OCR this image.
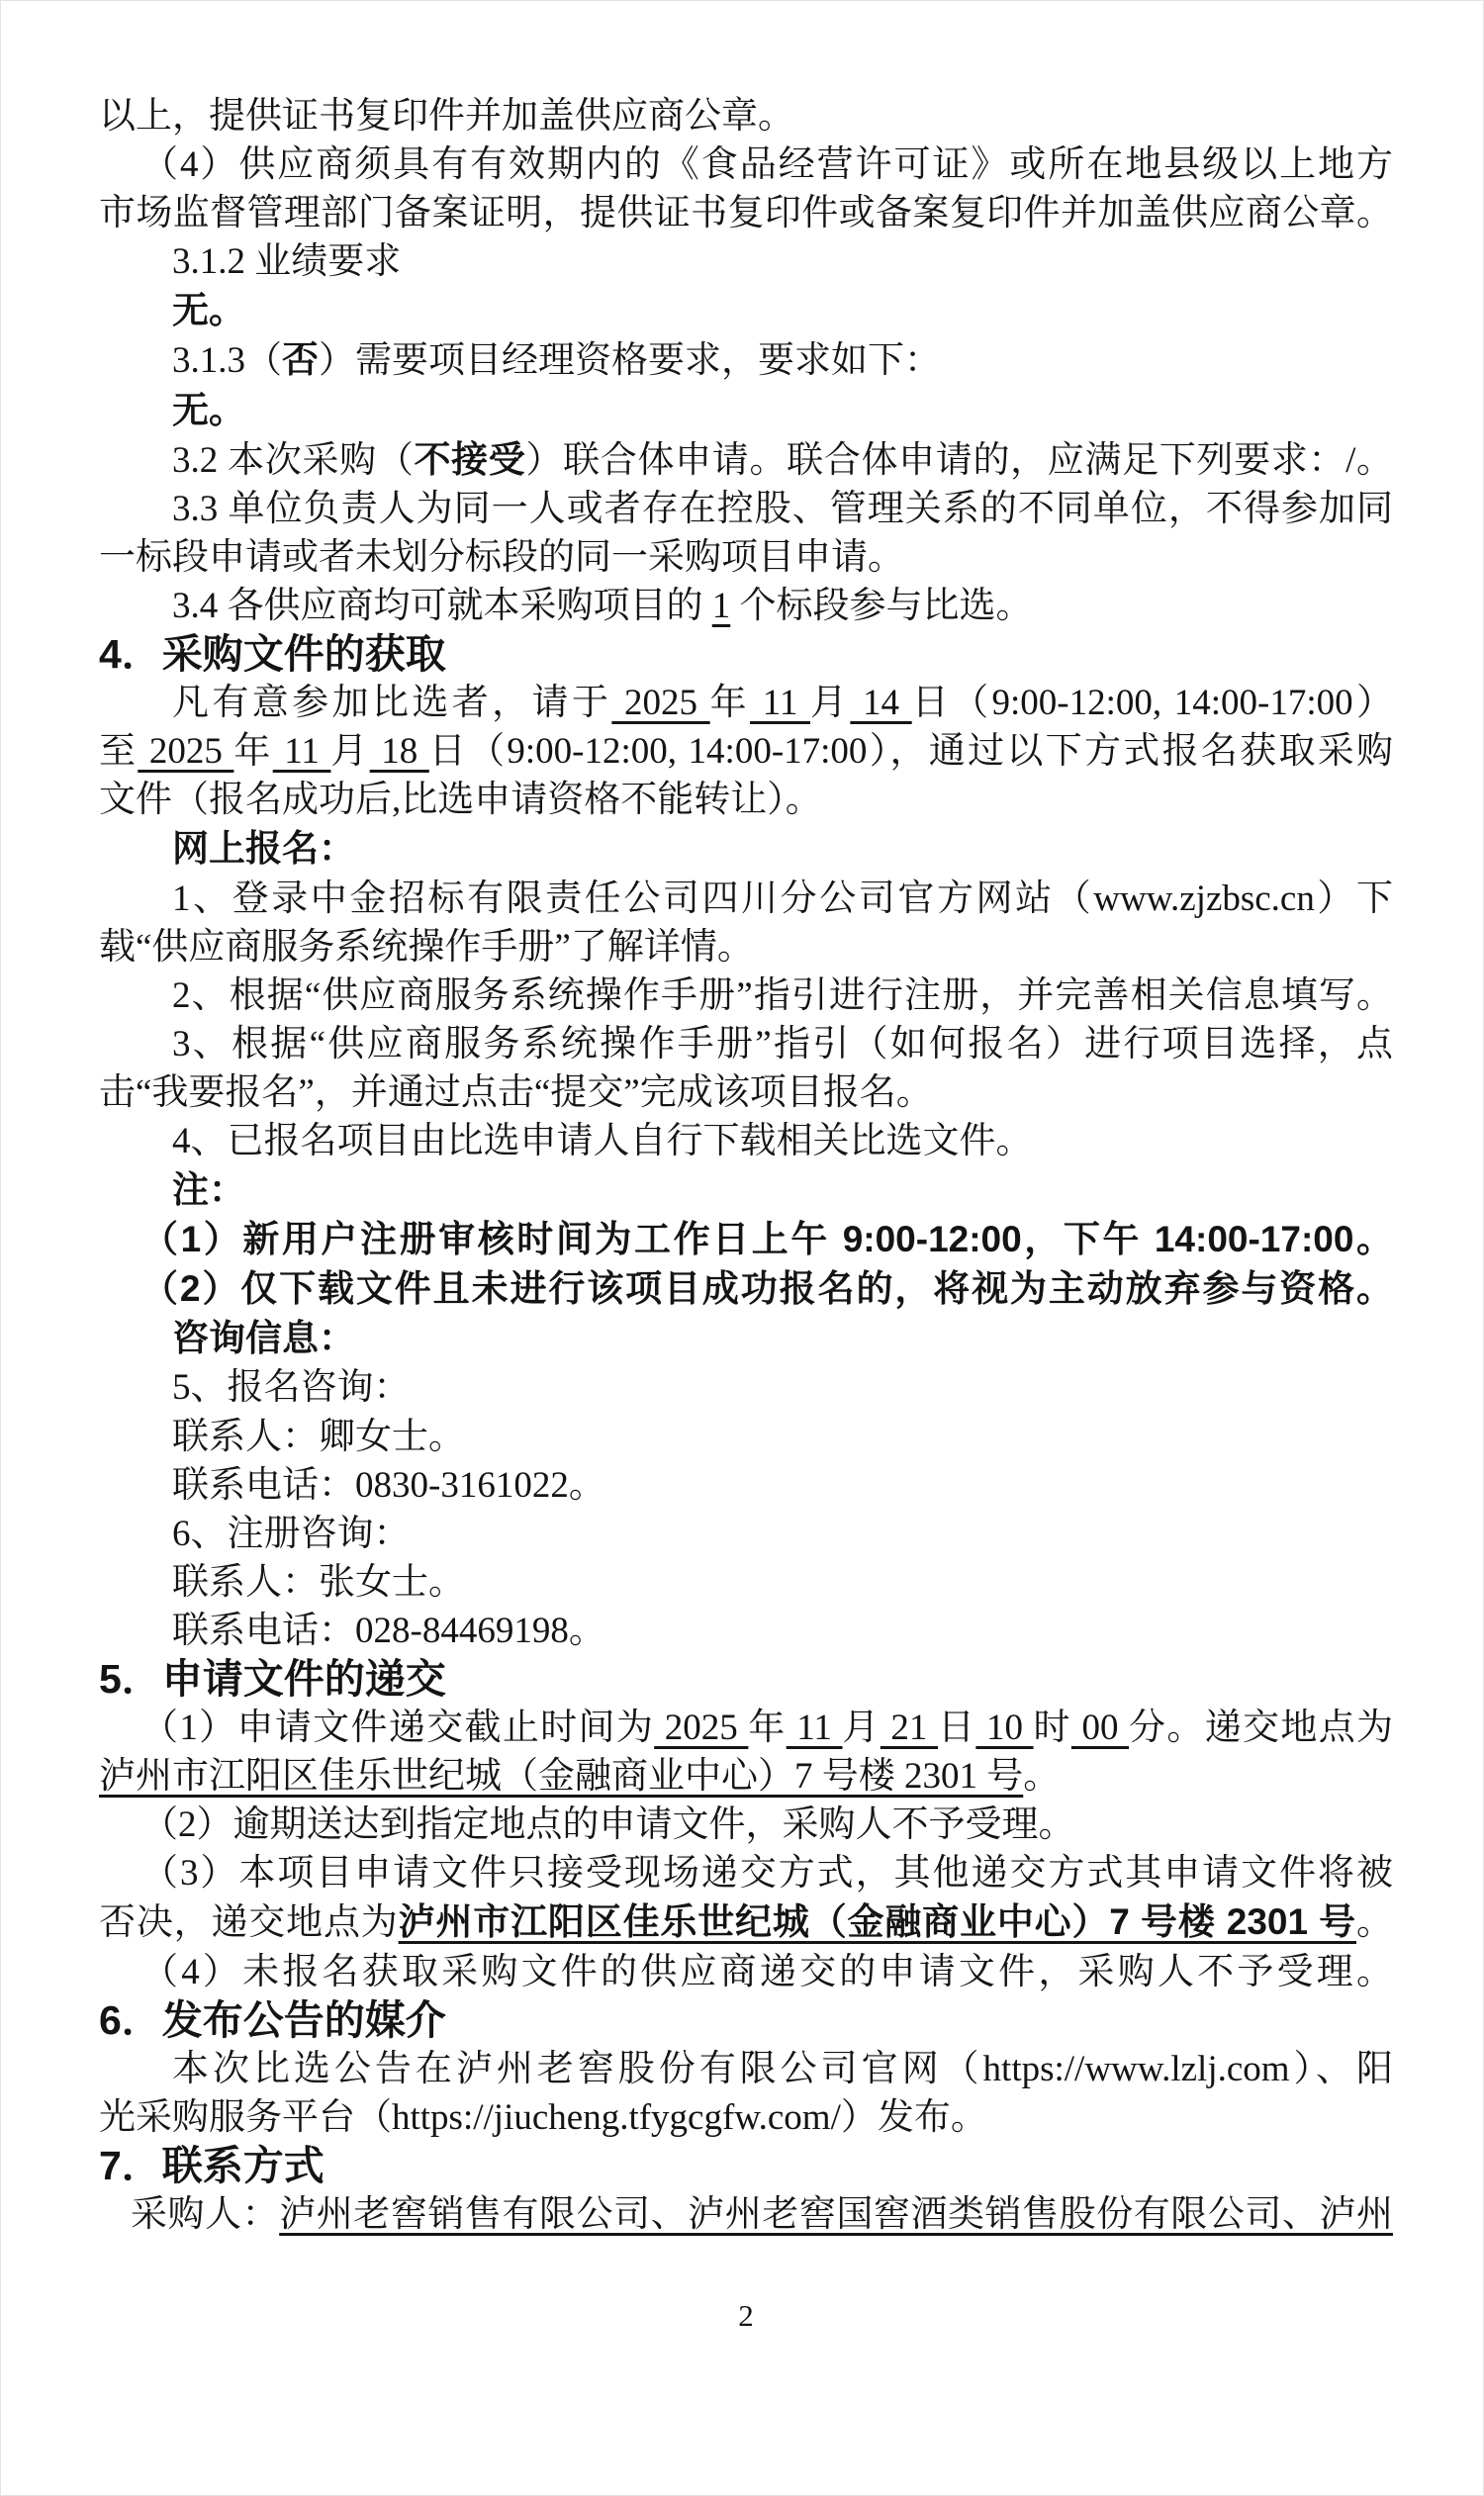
以上，提供证书复印件并加盖供应商公章。
（4）供应商须具有有效期内的《食品经营许可证》或所在地县级以上地方
市场监督管理部门备案证明，提供证书复印件或备案复印件并加盖供应商公章。
3.1.2 业绩要求
无。
3.1.3（否）需要项目经理资格要求，要求如下：
无。
3.2 本次采购（不接受）联合体申请。联合体申请的，应满足下列要求：/。
3.3 单位负责人为同一人或者存在控股、管理关系的不同单位，不得参加同
一标段申请或者未划分标段的同一采购项目申请。
3.4 各供应商均可就本采购项目的 1 个标段参与比选。
4．采购文件的获取
凡有意参加比选者，请于 2025 年 11 月 14 日（9:00-12:00, 14:00-17:00）
至 2025 年 11 月 18 日（9:00-12:00, 14:00-17:00），通过以下方式报名获取采购
文件（报名成功后,比选申请资格不能转让）。
网上报名：
1、登录中金招标有限责任公司四川分公司官方网站（www.zjzbsc.cn）下
载“供应商服务系统操作手册”了解详情。
2、根据“供应商服务系统操作手册”指引进行注册，并完善相关信息填写。
3、根据“供应商服务系统操作手册”指引（如何报名）进行项目选择，点
击“我要报名”，并通过点击“提交”完成该项目报名。
4、已报名项目由比选申请人自行下载相关比选文件。
注：
（1）新用户注册审核时间为工作日上午 9:00-12:00，下午 14:00-17:00。
（2）仅下载文件且未进行该项目成功报名的，将视为主动放弃参与资格。
咨询信息：
5、报名咨询：
联系人：卿女士。
联系电话：0830-3161022。
6、注册咨询：
联系人：张女士。
联系电话：028-84469198。
5．申请文件的递交
（1）申请文件递交截止时间为 2025 年 11 月 21 日 10 时 00 分。递交地点为
泸州市江阳区佳乐世纪城（金融商业中心）7 号楼 2301 号。
（2）逾期送达到指定地点的申请文件，采购人不予受理。
（3）本项目申请文件只接受现场递交方式，其他递交方式其申请文件将被
否决，递交地点为泸州市江阳区佳乐世纪城（金融商业中心）7 号楼 2301 号。
（4）未报名获取采购文件的供应商递交的申请文件，采购人不予受理。
6．发布公告的媒介
本次比选公告在泸州老窖股份有限公司官网（https://www.lzlj.com）、阳
光采购服务平台（https://jiucheng.tfygcgfw.com/）发布。
7．联系方式
采购人：泸州老窖销售有限公司、泸州老窖国窖酒类销售股份有限公司、泸州
2
